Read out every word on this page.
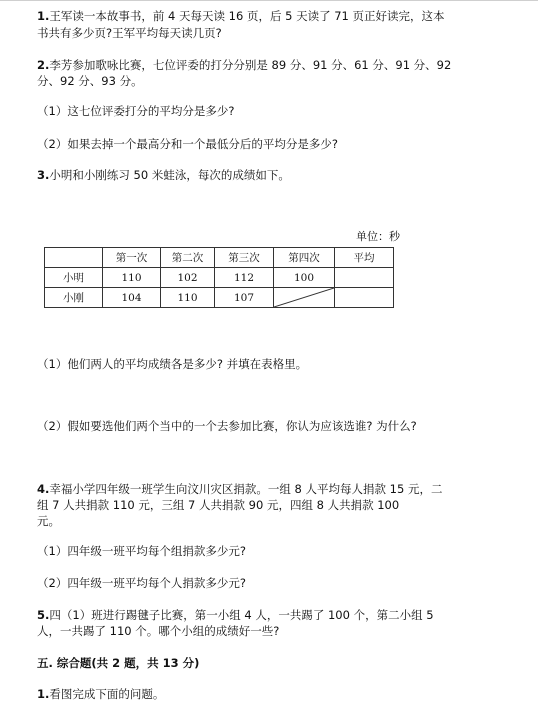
1.王军读一本故事书，前 4 天每天读 16 页，后 5 天读了 71 页正好读完，这本
书共有多少页?王军平均每天读几页?
2.李芳参加歌咏比赛，七位评委的打分分别是 89 分、91 分、61 分、91 分、92
分、92 分、93 分。
（1）这七位评委打分的平均分是多少?
（2）如果去掉一个最高分和一个最低分后的平均分是多少?
3.小明和小刚练习 50 米蛙泳，每次的成绩如下。
单位：秒
	第一次	第二次	第三次	第四次	平均
小明	110	102	112	100	
小刚	104	110	107	

（1）他们两人的平均成绩各是多少? 并填在表格里。
（2）假如要选他们两个当中的一个去参加比赛，你认为应该选谁? 为什么?
4.幸福小学四年级一班学生向汶川灾区捐款。一组 8 人平均每人捐款 15 元，二
组 7 人共捐款 110 元，三组 7 人共捐款 90 元，四组 8 人共捐款 100
元。
（1）四年级一班平均每个组捐款多少元?
（2）四年级一班平均每个人捐款多少元?
5.四（1）班进行踢毽子比赛，第一小组 4 人，一共踢了 100 个，第二小组 5
人，一共踢了 110 个。哪个小组的成绩好一些?
五. 综合题(共 2 题，共 13 分)
1.看图完成下面的问题。
